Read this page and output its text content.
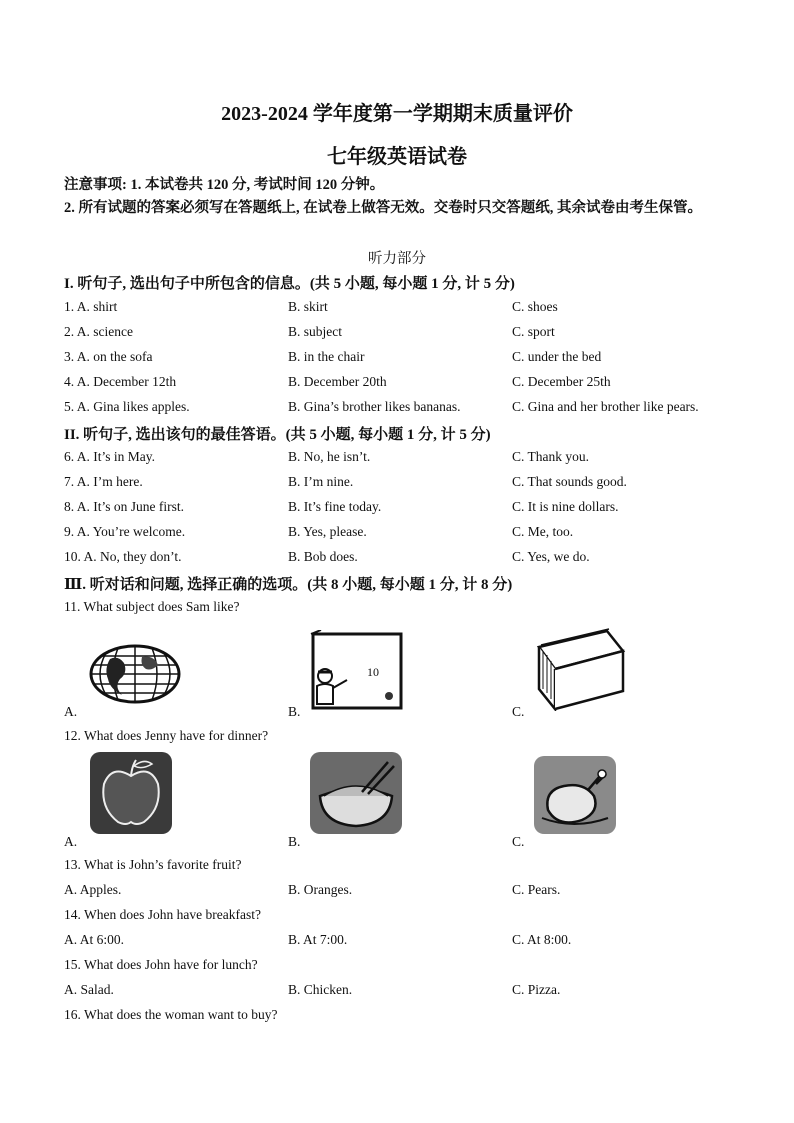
2023-2024 学年度第一学期期末质量评价
七年级英语试卷
注意事项: 1. 本试卷共 120 分, 考试时间 120 分钟。
2. 所有试题的答案必须写在答题纸上, 在试卷上做答无效。交卷时只交答题纸, 其余试卷由考生保管。
听力部分
I. 听句子, 选出句子中所包含的信息。(共 5 小题, 每小题 1 分, 计 5 分)
1. A. shirt	B. skirt	C. shoes
2. A. science	B. subject	C. sport
3. A. on the sofa	B. in the chair	C. under the bed
4. A. December 12th	B. December 20th	C. December 25th
5. A. Gina likes apples.	B. Gina’s brother likes bananas.	C. Gina and her brother like pears.
II. 听句子, 选出该句的最佳答语。(共 5 小题, 每小题 1 分, 计 5 分)
6. A. It’s in May.	B. No, he isn’t.	C. Thank you.
7. A. I’m here.	B. I’m nine.	C. That sounds good.
8. A. It’s on June first.	B. It’s fine today.	C. It is nine dollars.
9. A. You’re welcome.	B. Yes, please.	C. Me, too.
10. A. No, they don’t.	B. Bob does.	C. Yes, we do.
Ⅲ. 听对话和问题, 选择正确的选项。(共 8 小题, 每小题 1 分, 计 8 分)
11. What subject does Sam like?
10
A.	B.	C.
12. What does Jenny have for dinner?
A.	B.	C.
13. What is John’s favorite fruit?
A. Apples.	B. Oranges.	C. Pears.
14. When does John have breakfast?
A. At 6:00.	B. At 7:00.	C. At 8:00.
15. What does John have for lunch?
A. Salad.	B. Chicken.	C. Pizza.
16. What does the woman want to buy?
